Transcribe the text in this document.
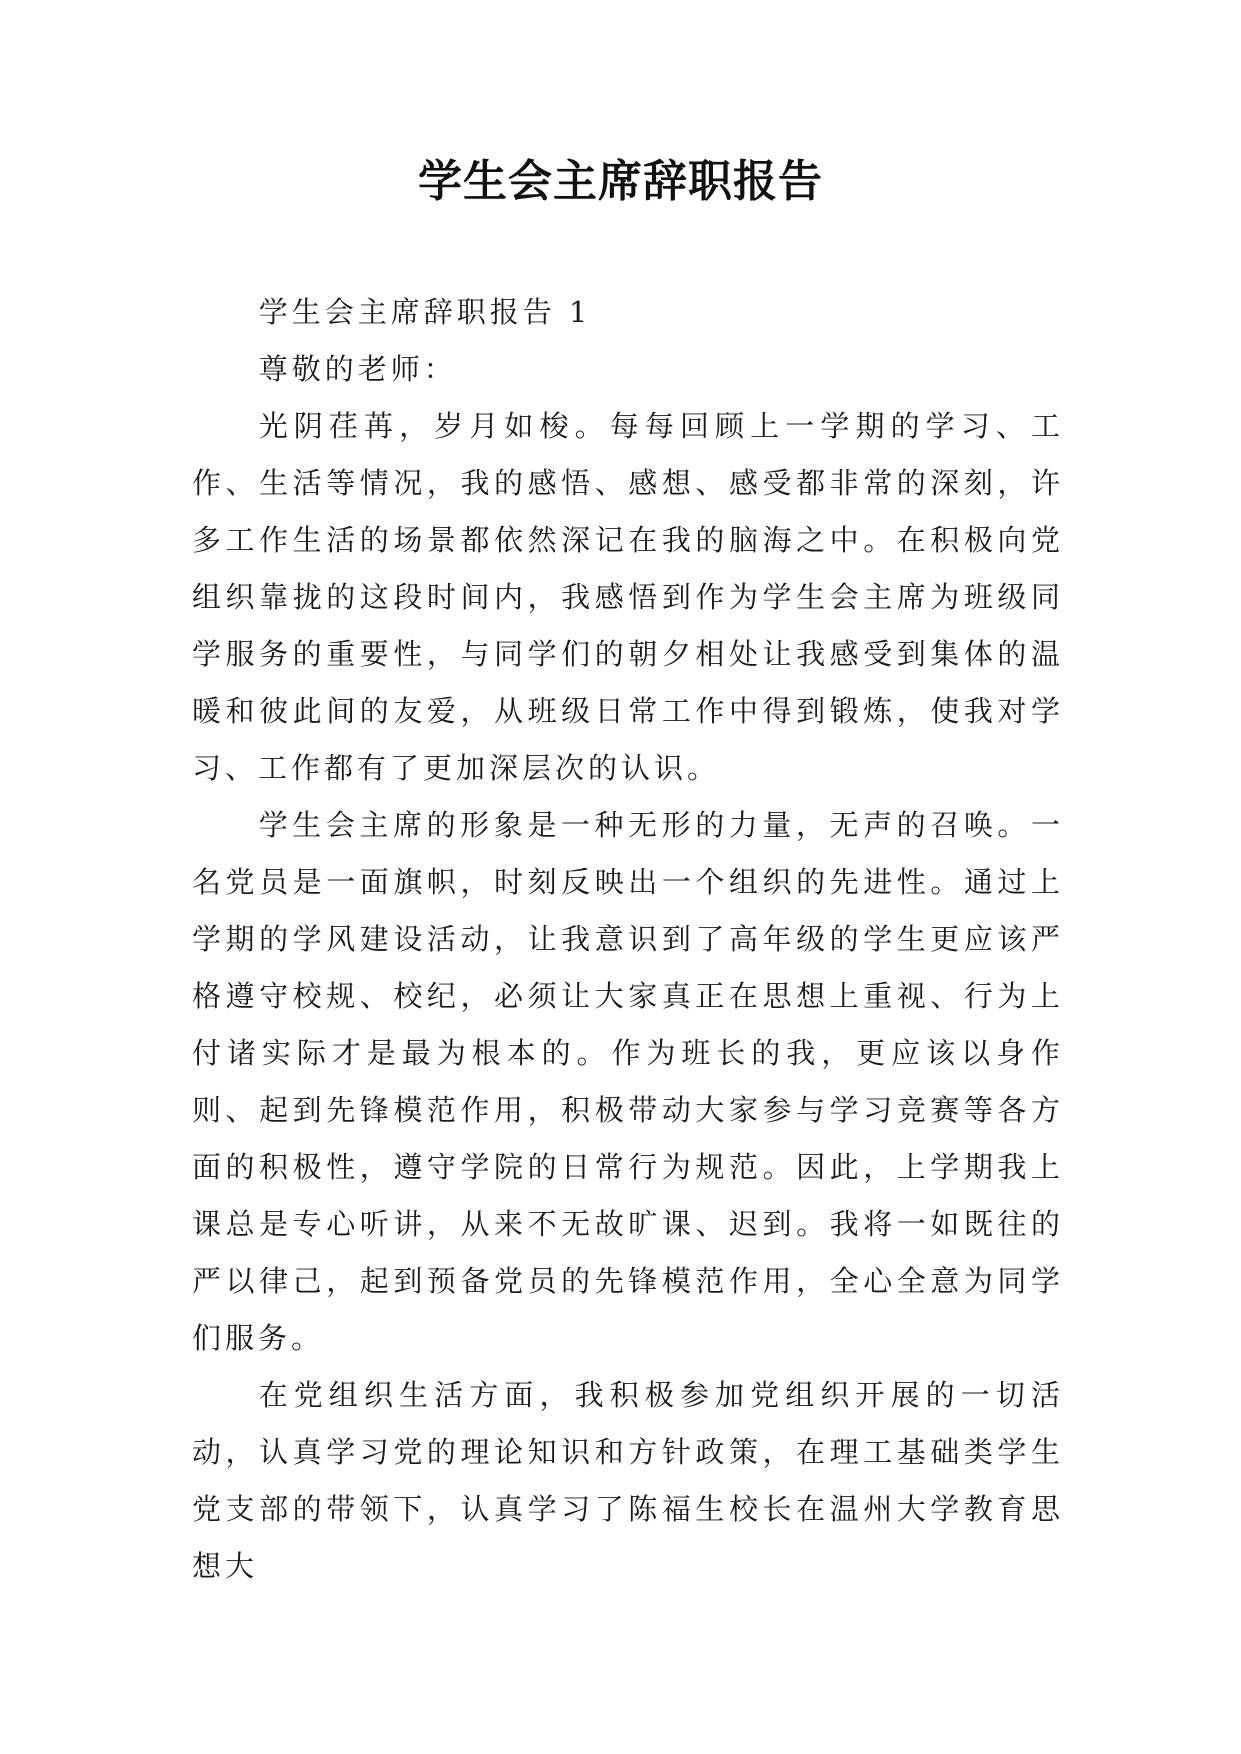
学生会主席辞职报告

学生会主席辞职报告 1

尊敬的老师：

光阴荏苒，岁月如梭。每每回顾上一学期的学习、工作、生活等情况，我的感悟、感想、感受都非常的深刻，许多工作生活的场景都依然深记在我的脑海之中。在积极向党组织靠拢的这段时间内，我感悟到作为学生会主席为班级同学服务的重要性，与同学们的朝夕相处让我感受到集体的温暖和彼此间的友爱，从班级日常工作中得到锻炼，使我对学习、工作都有了更加深层次的认识。

学生会主席的形象是一种无形的力量，无声的召唤。一名党员是一面旗帜，时刻反映出一个组织的先进性。通过上学期的学风建设活动，让我意识到了高年级的学生更应该严格遵守校规、校纪，必须让大家真正在思想上重视、行为上付诸实际才是最为根本的。作为班长的我，更应该以身作则、起到先锋模范作用，积极带动大家参与学习竞赛等各方面的积极性，遵守学院的日常行为规范。因此，上学期我上课总是专心听讲，从来不无故旷课、迟到。我将一如既往的严以律己，起到预备党员的先锋模范作用，全心全意为同学们服务。

在党组织生活方面，我积极参加党组织开展的一切活动，认真学习党的理论知识和方针政策，在理工基础类学生党支部的带领下，认真学习了陈福生校长在温州大学教育思想大
